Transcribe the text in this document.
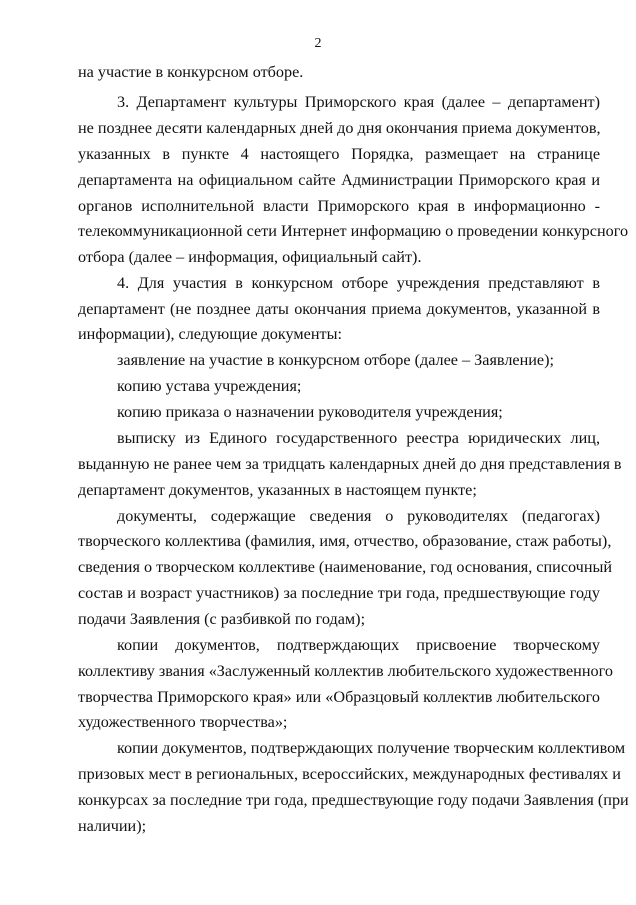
2
на участие в конкурсном отборе.
3. Департамент культуры Приморского края (далее – департамент)
не позднее десяти календарных дней до дня окончания приема документов,
указанных в пункте 4 настоящего Порядка, размещает на странице
департамента на официальном сайте Администрации Приморского края и
органов исполнительной власти Приморского края в информационно -
телекоммуникационной сети Интернет информацию о проведении конкурсного
отбора (далее – информация, официальный сайт).
4. Для участия в конкурсном отборе учреждения представляют в
департамент (не позднее даты окончания приема документов, указанной в
информации), следующие документы:
заявление на участие в конкурсном отборе (далее – Заявление);
копию устава учреждения;
копию приказа о назначении руководителя учреждения;
выписку из Единого государственного реестра юридических лиц,
выданную не ранее чем за тридцать календарных дней до дня представления в
департамент документов, указанных в настоящем пункте;
документы, содержащие сведения о руководителях (педагогах)
творческого коллектива (фамилия, имя, отчество, образование, стаж работы),
сведения о творческом коллективе (наименование, год основания, списочный
состав и возраст участников) за последние три года, предшествующие году
подачи Заявления (с разбивкой по годам);
копии документов, подтверждающих присвоение творческому
коллективу звания «Заслуженный коллектив любительского художественного
творчества Приморского края» или «Образцовый коллектив любительского
художественного творчества»;
копии документов, подтверждающих получение творческим коллективом
призовых мест в региональных, всероссийских, международных фестивалях и
конкурсах за последние три года, предшествующие году подачи Заявления (при
наличии);
